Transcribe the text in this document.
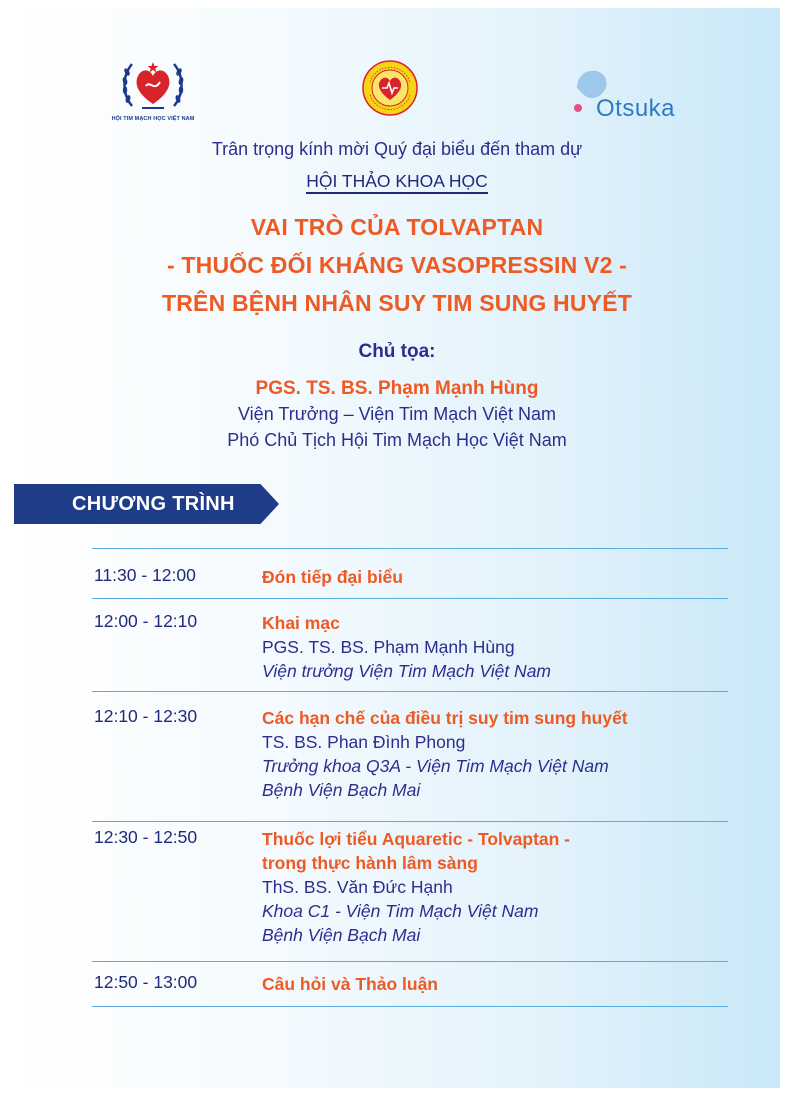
HỘI TIM MẠCH HỌC VIỆT NAM	Otsuka
Trân trọng kính mời Quý đại biểu đến tham dự
HỘI THẢO KHOA HỌC
VAI TRÒ CỦA TOLVAPTAN
- THUỐC ĐỐI KHÁNG VASOPRESSIN V2 -
TRÊN BỆNH NHÂN SUY TIM SUNG HUYẾT
Chủ tọa:
PGS. TS. BS. Phạm Mạnh Hùng
Viện Trưởng – Viện Tim Mạch Việt Nam
Phó Chủ Tịch Hội Tim Mạch Học Việt Nam
CHƯƠNG TRÌNH
11:30 - 12:00	Đón tiếp đại biểu
12:00 - 12:10	Khai mạc
PGS. TS. BS. Phạm Mạnh Hùng
Viện trưởng Viện Tim Mạch Việt Nam
12:10 - 12:30	Các hạn chế của điều trị suy tim sung huyết
TS. BS. Phan Đình Phong
Trưởng khoa Q3A - Viện Tim Mạch Việt Nam
Bệnh Viện Bạch Mai
12:30 - 12:50	Thuốc lợi tiểu Aquaretic - Tolvaptan -
trong thực hành lâm sàng
ThS. BS. Văn Đức Hạnh
Khoa C1 - Viện Tim Mạch Việt Nam
Bệnh Viện Bạch Mai
12:50 - 13:00	Câu hỏi và Thảo luận
